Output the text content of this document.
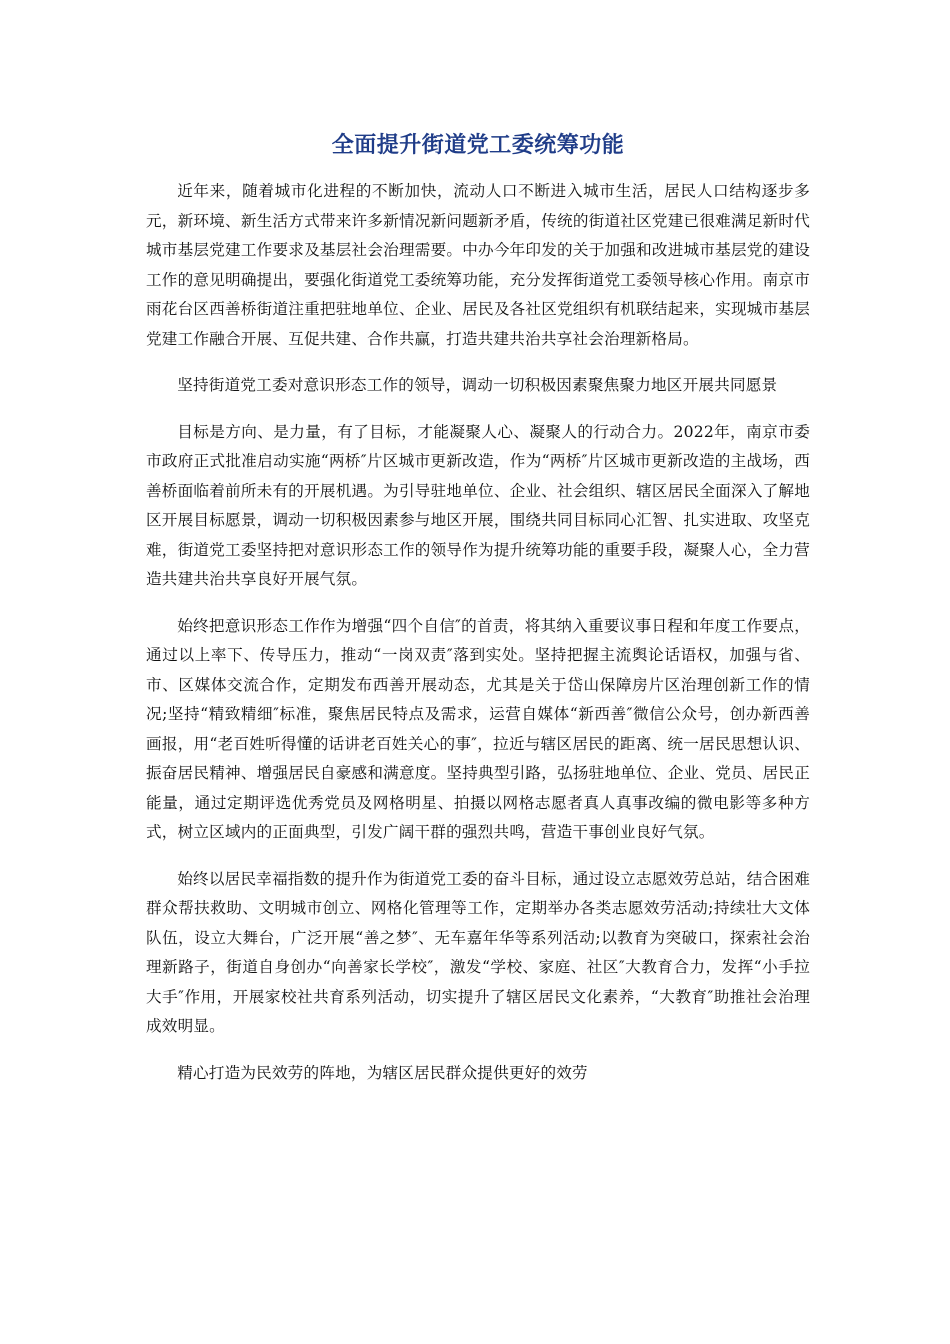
全面提升街道党工委统筹功能

近年来，随着城市化进程的不断加快，流动人口不断进入城市生活，居民人口结构逐步多元，新环境、新生活方式带来许多新情况新问题新矛盾，传统的街道社区党建已很难满足新时代城市基层党建工作要求及基层社会治理需要。中办今年印发的关于加强和改进城市基层党的建设工作的意见明确提出，要强化街道党工委统筹功能，充分发挥街道党工委领导核心作用。南京市雨花台区西善桥街道注重把驻地单位、企业、居民及各社区党组织有机联结起来，实现城市基层党建工作融合开展、互促共建、合作共赢，打造共建共治共享社会治理新格局。

坚持街道党工委对意识形态工作的领导，调动一切积极因素聚焦聚力地区开展共同愿景

目标是方向、是力量，有了目标，才能凝聚人心、凝聚人的行动合力。2022年，南京市委市政府正式批准启动实施“两桥″片区城市更新改造，作为“两桥″片区城市更新改造的主战场，西善桥面临着前所未有的开展机遇。为引导驻地单位、企业、社会组织、辖区居民全面深入了解地区开展目标愿景，调动一切积极因素参与地区开展，围绕共同目标同心汇智、扎实进取、攻坚克难，街道党工委坚持把对意识形态工作的领导作为提升统筹功能的重要手段，凝聚人心，全力营造共建共治共享良好开展气氛。

始终把意识形态工作作为增强“四个自信″的首责，将其纳入重要议事日程和年度工作要点，通过以上率下、传导压力，推动“一岗双责″落到实处。坚持把握主流舆论话语权，加强与省、市、区媒体交流合作，定期发布西善开展动态，尤其是关于岱山保障房片区治理创新工作的情况;坚持“精致精细″标准，聚焦居民特点及需求，运营自媒体“新西善″微信公众号，创办新西善画报，用“老百姓听得懂的话讲老百姓关心的事″，拉近与辖区居民的距离、统一居民思想认识、振奋居民精神、增强居民自豪感和满意度。坚持典型引路，弘扬驻地单位、企业、党员、居民正能量，通过定期评选优秀党员及网格明星、拍摄以网格志愿者真人真事改编的微电影等多种方式，树立区域内的正面典型，引发广阔干群的强烈共鸣，营造干事创业良好气氛。

始终以居民幸福指数的提升作为街道党工委的奋斗目标，通过设立志愿效劳总站，结合困难群众帮扶救助、文明城市创立、网格化管理等工作，定期举办各类志愿效劳活动;持续壮大文体队伍，设立大舞台，广泛开展“善之梦″、无车嘉年华等系列活动;以教育为突破口，探索社会治理新路子，街道自身创办“向善家长学校″，激发“学校、家庭、社区″大教育合力，发挥“小手拉大手″作用，开展家校社共育系列活动，切实提升了辖区居民文化素养，“大教育″助推社会治理成效明显。

精心打造为民效劳的阵地，为辖区居民群众提供更好的效劳
